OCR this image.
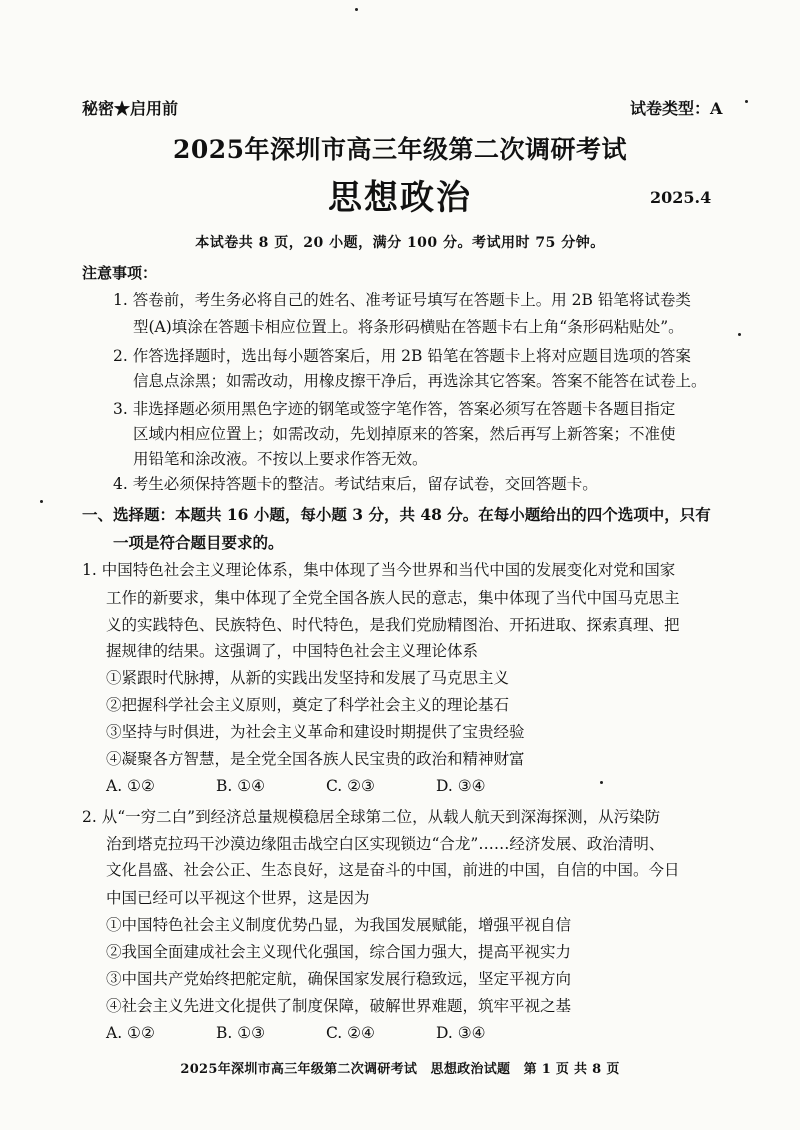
秘密★启用前	试卷类型：A
2025年深圳市高三年级第二次调研考试
思想政治	2025.4
本试卷共 8 页，20 小题，满分 100 分。考试用时 75 分钟。
注意事项：
1. 答卷前，考生务必将自己的姓名、准考证号填写在答题卡上。用 2B 铅笔将试卷类
型(A)填涂在答题卡相应位置上。将条形码横贴在答题卡右上角“条形码粘贴处”。
2. 作答选择题时，选出每小题答案后，用 2B 铅笔在答题卡上将对应题目选项的答案
信息点涂黑；如需改动，用橡皮擦干净后，再选涂其它答案。答案不能答在试卷上。
3. 非选择题必须用黑色字迹的钢笔或签字笔作答，答案必须写在答题卡各题目指定
区域内相应位置上；如需改动，先划掉原来的答案，然后再写上新答案；不准使
用铅笔和涂改液。不按以上要求作答无效。
4. 考生必须保持答题卡的整洁。考试结束后，留存试卷，交回答题卡。
一、选择题：本题共 16 小题，每小题 3 分，共 48 分。在每小题给出的四个选项中，只有
一项是符合题目要求的。
1. 中国特色社会主义理论体系，集中体现了当今世界和当代中国的发展变化对党和国家
工作的新要求，集中体现了全党全国各族人民的意志，集中体现了当代中国马克思主
义的实践特色、民族特色、时代特色，是我们党励精图治、开拓进取、探索真理、把
握规律的结果。这强调了，中国特色社会主义理论体系
①紧跟时代脉搏，从新的实践出发坚持和发展了马克思主义
②把握科学社会主义原则，奠定了科学社会主义的理论基石
③坚持与时俱进，为社会主义革命和建设时期提供了宝贵经验
④凝聚各方智慧，是全党全国各族人民宝贵的政治和精神财富
A. ①②	B. ①④	C. ②③	D. ③④
2. 从“一穷二白”到经济总量规模稳居全球第二位，从载人航天到深海探测，从污染防
治到塔克拉玛干沙漠边缘阻击战空白区实现锁边“合龙”……经济发展、政治清明、
文化昌盛、社会公正、生态良好，这是奋斗的中国，前进的中国，自信的中国。今日
中国已经可以平视这个世界，这是因为
①中国特色社会主义制度优势凸显，为我国发展赋能，增强平视自信
②我国全面建成社会主义现代化强国，综合国力强大，提高平视实力
③中国共产党始终把舵定航，确保国家发展行稳致远，坚定平视方向
④社会主义先进文化提供了制度保障，破解世界难题，筑牢平视之基
A. ①②	B. ①③	C. ②④	D. ③④
2025年深圳市高三年级第二次调研考试　思想政治试题　第 1 页 共 8 页
